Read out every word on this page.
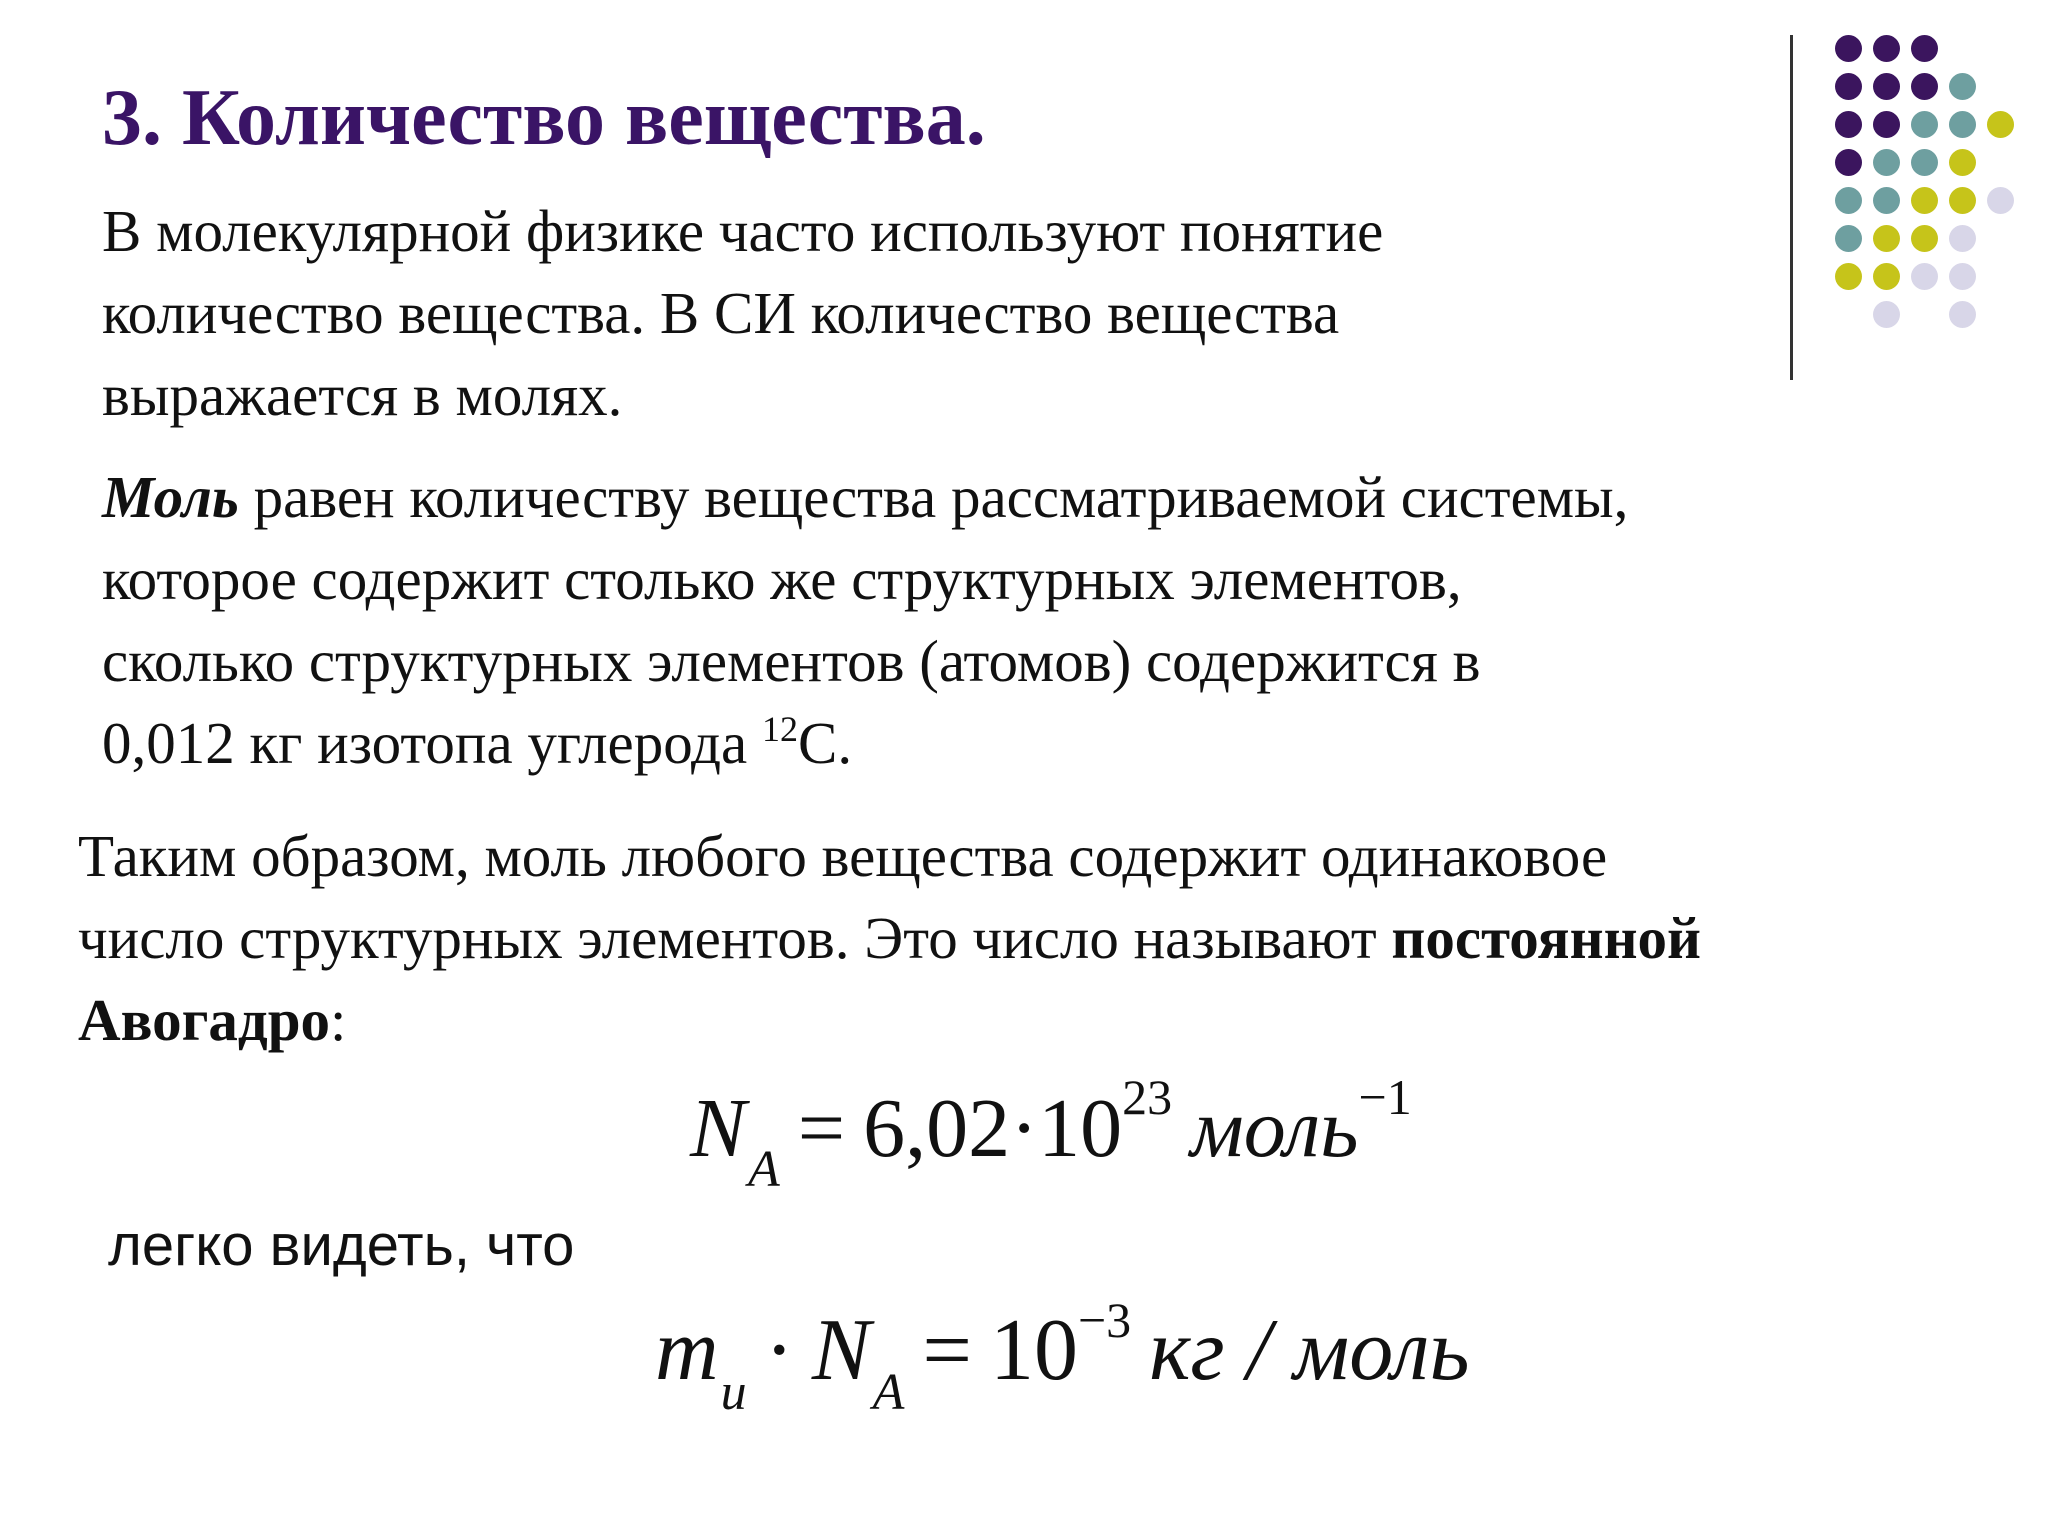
3. Количество вещества.
В молекулярной физике часто используют понятие
количество вещества. В СИ количество вещества
выражается в молях.
Моль равен количеству вещества рассматриваемой системы,
которое содержит столько же структурных элементов,
сколько структурных элементов (атомов) содержится в
0,012 кг изотопа углерода $^{12}$С.
Таким образом, моль любого вещества содержит одинаковое
число структурных элементов. Это число называют постоянной
Авогадро:
$N_A = 6,02\cdot 10^{23}$ моль$^{-1}$
легко видеть, что
$m_и \cdot N_A = 10^{-3}$ кг / моль
